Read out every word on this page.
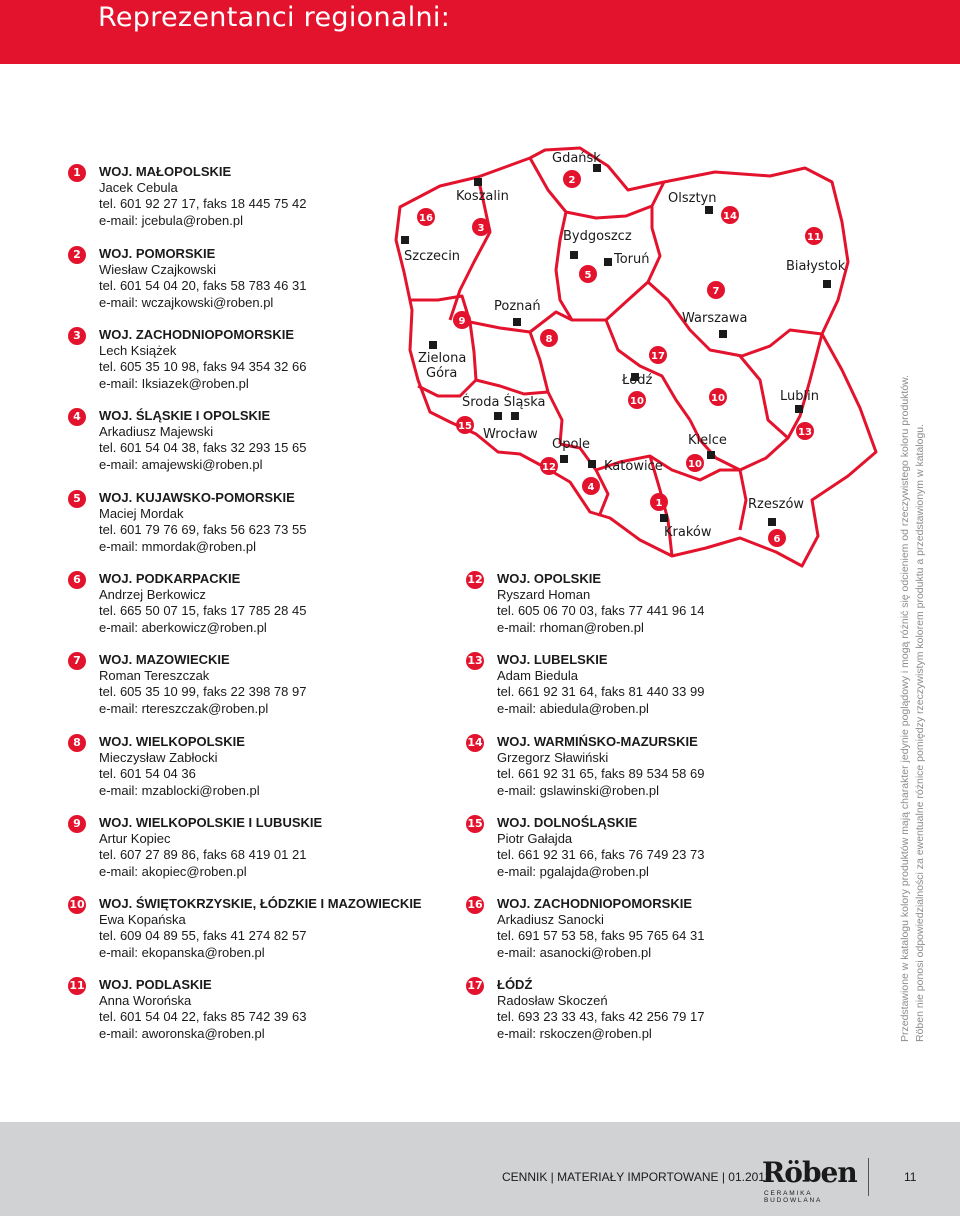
Reprezentanci regionalni:
1	WOJ. MAŁOPOLSKIE
Jacek Cebula
tel. 601 92 27 17, faks 18 445 75 42
e-mail: jcebula@roben.pl
2	WOJ. POMORSKIE
Wiesław Czajkowski
tel. 601 54 04 20, faks 58 783 46 31
e-mail: wczajkowski@roben.pl
3	WOJ. ZACHODNIOPOMORSKIE
Lech Książek
tel. 605 35 10 98, faks 94 354 32 66
e-mail: Iksiazek@roben.pl
4	WOJ. ŚLĄSKIE I OPOLSKIE
Arkadiusz Majewski
tel. 601 54 04 38, faks 32 293 15 65
e-mail: amajewski@roben.pl
5	WOJ. KUJAWSKO-POMORSKIE
Maciej Mordak
tel. 601 79 76 69, faks 56 623 73 55
e-mail: mmordak@roben.pl
6	WOJ. PODKARPACKIE
Andrzej Berkowicz
tel. 665 50 07 15, faks 17 785 28 45
e-mail: aberkowicz@roben.pl
7	WOJ. MAZOWIECKIE
Roman Tereszczak
tel. 605 35 10 99, faks 22 398 78 97
e-mail: rtereszczak@roben.pl
8	WOJ. WIELKOPOLSKIE
Mieczysław Zabłocki
tel. 601 54 04 36
e-mail: mzablocki@roben.pl
9	WOJ. WIELKOPOLSKIE I LUBUSKIE
Artur Kopiec
tel. 607 27 89 86, faks 68 419 01 21
e-mail: akopiec@roben.pl
10 WOJ. ŚWIĘTOKRZYSKIE, ŁÓDZKIE I MAZOWIECKIE
Ewa Kopańska
tel. 609 04 89 55, faks 41 274 82 57
e-mail: ekopanska@roben.pl
11 WOJ. PODLASKIE
Anna Worońska
tel. 601 54 04 22, faks 85 742 39 63
e-mail: aworonska@roben.pl
12 WOJ. OPOLSKIE
Ryszard Homan
tel. 605 06 70 03, faks 77 441 96 14
e-mail: rhoman@roben.pl
13 WOJ. LUBELSKIE
Adam Biedula
tel. 661 92 31 64, faks 81 440 33 99
e-mail: abiedula@roben.pl
14 WOJ. WARMIŃSKO-MAZURSKIE
Grzegorz Sławiński
tel. 661 92 31 65, faks 89 534 58 69
e-mail: gslawinski@roben.pl
15 WOJ. DOLNOŚLĄSKIE
Piotr Gałajda
tel. 661 92 31 66, faks 76 749 23 73
e-mail: pgalajda@roben.pl
16 WOJ. ZACHODNIOPOMORSKIE
Arkadiusz Sanocki
tel. 691 57 53 58, faks 95 765 64 31
e-mail: asanocki@roben.pl
17 ŁÓDŹ
Radosław Skoczeń
tel. 693 23 33 43, faks 42 256 79 17
e-mail: rskoczen@roben.pl
Gdańsk
Koszalin	Olsztyn
Szczecin
Bydgoszcz
Toruń	Białystok
Poznań
Warszawa
Zielona
Góra	Łódź
Lublin
Środa Śląska
Wrocław
Opole	Kielce
Katowice
Rzeszów
Kraków
2
16
3
14
11
5
7
9
8
17
10	10
10
15
13
12
4
1
6	Przedstawione w katalogu kolory produktów mają charakter jedynie poglądowy i mogą różnić się odcieniem od rzeczywistego koloru produktów. Röben nie ponosi odpowiedzialności za ewentualne różnice pomiędzy rzeczywistym kolorem produktu a przedstawionym w katalogu.
CENNIK | MATERIAŁY IMPORTOWANE | 01.2013
Röben
CERAMIKA BUDOWLANA
11
